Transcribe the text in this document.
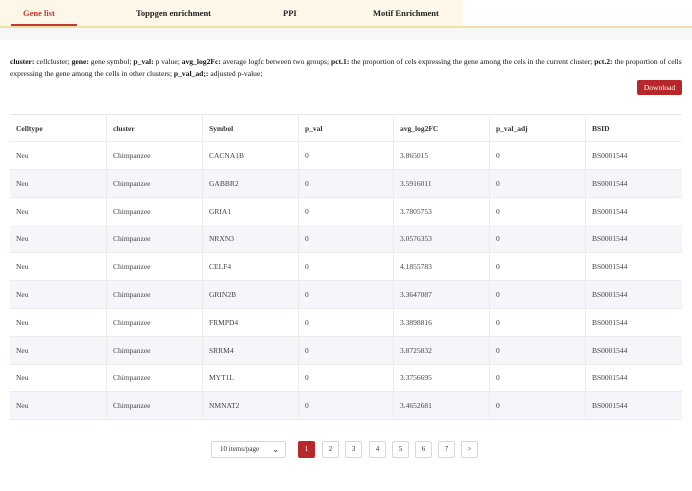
Gene list	Toppgen enrichment	PPI	Motif Enrichment
cluster: cellcluster; gene: gene symbol; p_val: p value; avg_log2Fc: average logfc between two groups; pct.1: the proportion of cels expressing the gene among the cels in the current cluster; pct.2: the proportion of cells expressing the gene among the cells in other clusters; p_val_ad;: adjusted p-value;
Download
Celltype	cluster	Symbol	p_val	avg_log2FC	p_val_adj	BSID
Neu	Chimpanzee	CACNA1B	0	3.865015	0	BS0001544
Neu	Chimpanzee	GABBR2	0	3.5916011	0	BS0001544
Neu	Chimpanzee	GRIA1	0	3.7805753	0	BS0001544
Neu	Chimpanzee	NRXN3	0	3.0576353	0	BS0001544
Neu	Chimpanzee	CELF4	0	4.1855783	0	BS0001544
Neu	Chimpanzee	GRIN2B	0	3.3647087	0	BS0001544
Neu	Chimpanzee	FRMPD4	0	3.3898816	0	BS0001544
Neu	Chimpanzee	SRRM4	0	3.8725832	0	BS0001544
Neu	Chimpanzee	MYT1L	0	3.3756695	0	BS0001544
Neu	Chimpanzee	NMNAT2	0	3.4652681	0	BS0001544
10 items/page ⌄	1	2	3	4	5	6	7	>
